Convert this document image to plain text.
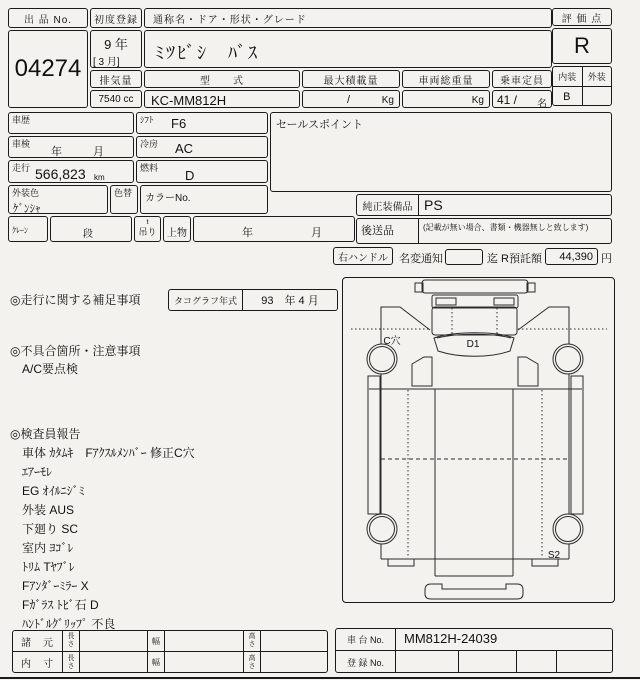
出 品 No.
04274
初度登録
9 年
[ 3 月]
通称名・ドア・形状・グレード
ﾐﾂﾋﾞｼ　ﾊﾞｽ
排気量
7540 cc
型　　式
KC-MM812H
最大積載量
/	Kg
車両総重量
Kg
乗車定員
41 / 名
評 価 点
R
内装	外装
B
車歴	ｼﾌﾄ F6
車検
年　月
冷房 AC
走行 566,823 km
燃料 D
外装色
ｹﾞﾝｼｬ
色替 カラーNo.
ｸﾚｰﾝ	段
t
吊り	上物	年　　月
セールスポイント
純正装備品 PS
後送品	(記載が無い場合、書類・機器無しと致します)
右ハンドル	名変通知	迄 R預託額 44,390 円
◎走行に関する補足事項	タコグラフ年式	93　年 4 月
◎不具合箇所・注意事項
A/C要点検
◎検査員報告
車体 ｶﾀﾑｷ　Fｱｸｽﾙﾒﾝﾊﾞｰ 修正C穴
ｴｱｰﾓﾚ
EG ｵｲﾙﾆｼﾞﾐ
外装 AUS
下廻り SC
室内 ﾖｺﾞﾚ
ﾄﾘﾑ Tﾔﾌﾞﾚ
Fｱﾝﾀﾞｰﾐﾗｰ X
Fｶﾞﾗｽ ﾄﾋﾞ石 D
ﾊﾝﾄﾞﾙｸﾞﾘｯﾌﾟ 不良
C穴	D1
S2
諸　元
長さ	幅	高さ
内　寸
長さ	幅	高さ
車 台 No.	MM812H-24039
登 録 No.
